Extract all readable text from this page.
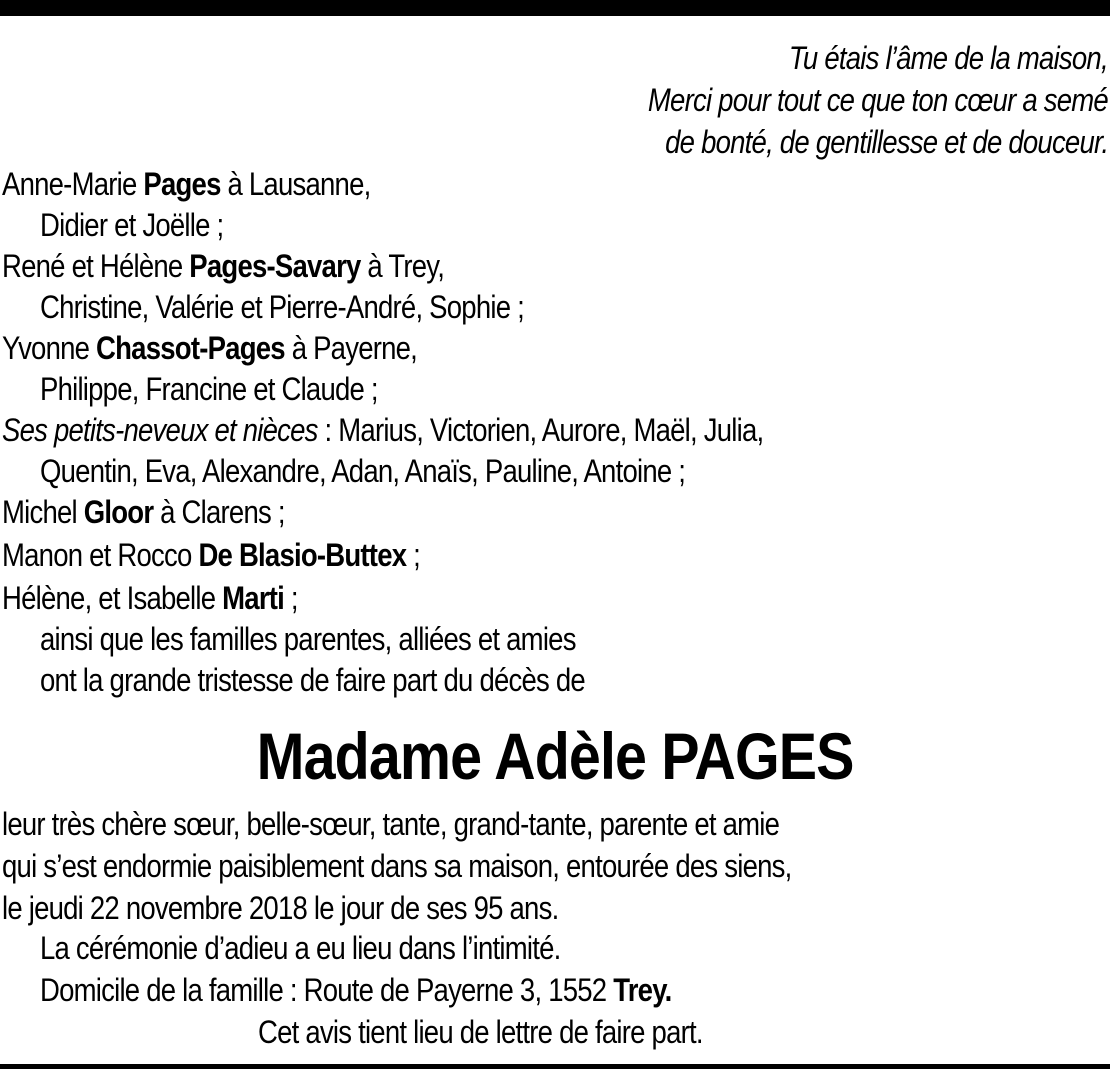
Tu étais l’âme de la maison,
Merci pour tout ce que ton cœur a semé
de bonté, de gentillesse et de douceur.
Anne-Marie Pages à Lausanne,
Didier et Joëlle ;
René et Hélène Pages-Savary à Trey,
Christine, Valérie et Pierre-André, Sophie ;
Yvonne Chassot-Pages à Payerne,
Philippe, Francine et Claude ;
Ses petits-neveux et nièces : Marius, Victorien, Aurore, Maël, Julia,
Quentin, Eva, Alexandre, Adan, Anaïs, Pauline, Antoine ;
Michel Gloor à Clarens ;
Manon et Rocco De Blasio-Buttex ;
Hélène, et Isabelle Marti ;
ainsi que les familles parentes, alliées et amies
ont la grande tristesse de faire part du décès de
Madame Adèle PAGES
leur très chère sœur, belle-sœur, tante, grand-tante, parente et amie
qui s’est endormie paisiblement dans sa maison, entourée des siens,
le jeudi 22 novembre 2018 le jour de ses 95 ans.
La cérémonie d’adieu a eu lieu dans l’intimité.
Domicile de la famille : Route de Payerne 3, 1552 Trey.
Cet avis tient lieu de lettre de faire part.
